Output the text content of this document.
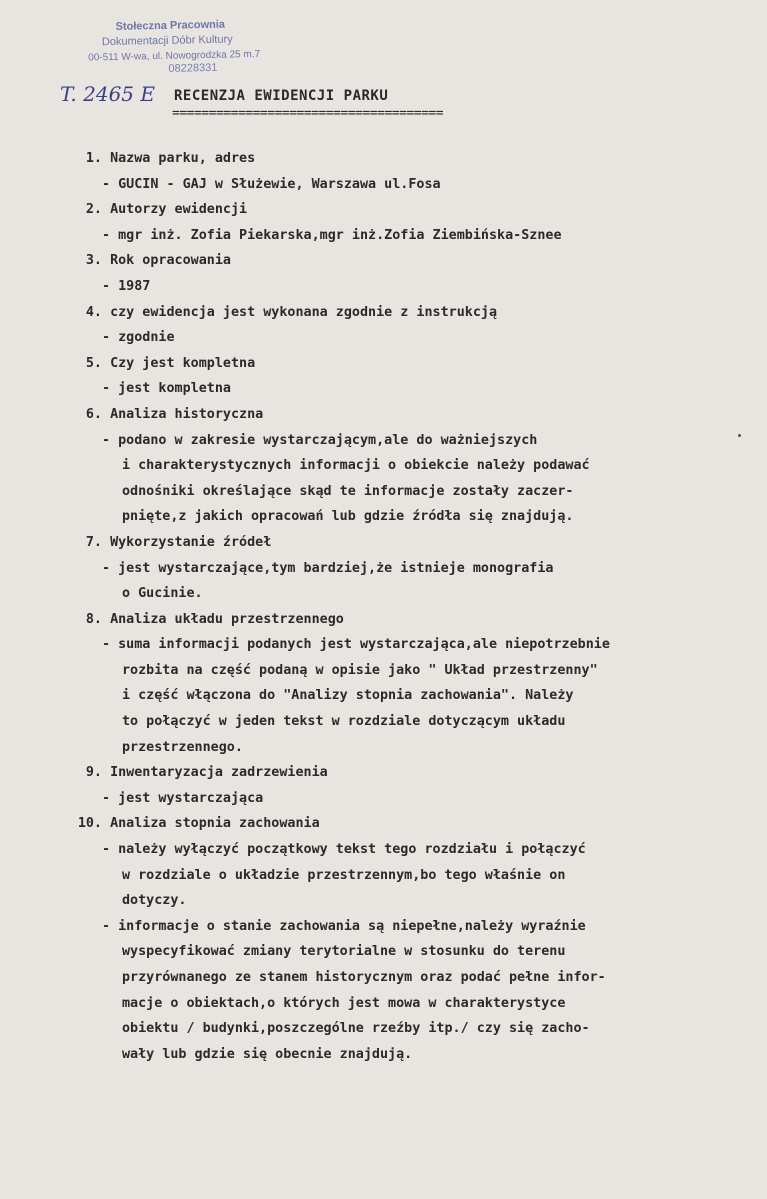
Stołeczna Pracownia
Dokumentacji Dóbr Kultury
00-511 W-wa, ul. Nowogrodzka 25 m.7
08228331
T. 2465 E RECENZJA EWIDENCJI PARKU
=====================================
1. Nazwa parku, adres
- GUCIN - GAJ w Służewie, Warszawa ul.Fosa
2. Autorzy ewidencji
- mgr inż. Zofia Piekarska,mgr inż.Zofia Ziembińska-Sznee
3. Rok opracowania
- 1987
4. czy ewidencja jest wykonana zgodnie z instrukcją
- zgodnie
5. Czy jest kompletna
- jest kompletna
6. Analiza historyczna
- podano w zakresie wystarczającym,ale do ważniejszych
i charakterystycznych informacji o obiekcie należy podawać
odnośniki określające skąd te informacje zostały zaczer-
pnięte,z jakich opracowań lub gdzie źródła się znajdują.
7. Wykorzystanie źródeł
- jest wystarczające,tym bardziej,że istnieje monografia
o Gucinie.
8. Analiza układu przestrzennego
- suma informacji podanych jest wystarczająca,ale niepotrzebnie
rozbita na część podaną w opisie jako " Układ przestrzenny"
i część włączona do "Analizy stopnia zachowania". Należy
to połączyć w jeden tekst w rozdziale dotyczącym układu
przestrzennego.
9. Inwentaryzacja zadrzewienia
- jest wystarczająca
10. Analiza stopnia zachowania
- należy wyłączyć początkowy tekst tego rozdziału i połączyć
w rozdziale o układzie przestrzennym,bo tego właśnie on
dotyczy.
- informacje o stanie zachowania są niepełne,należy wyraźnie
wyspecyfikować zmiany terytorialne w stosunku do terenu
przyrównanego ze stanem historycznym oraz podać pełne infor-
macje o obiektach,o których jest mowa w charakterystyce
obiektu / budynki,poszczególne rzeźby itp./ czy się zacho-
wały lub gdzie się obecnie znajdują.
